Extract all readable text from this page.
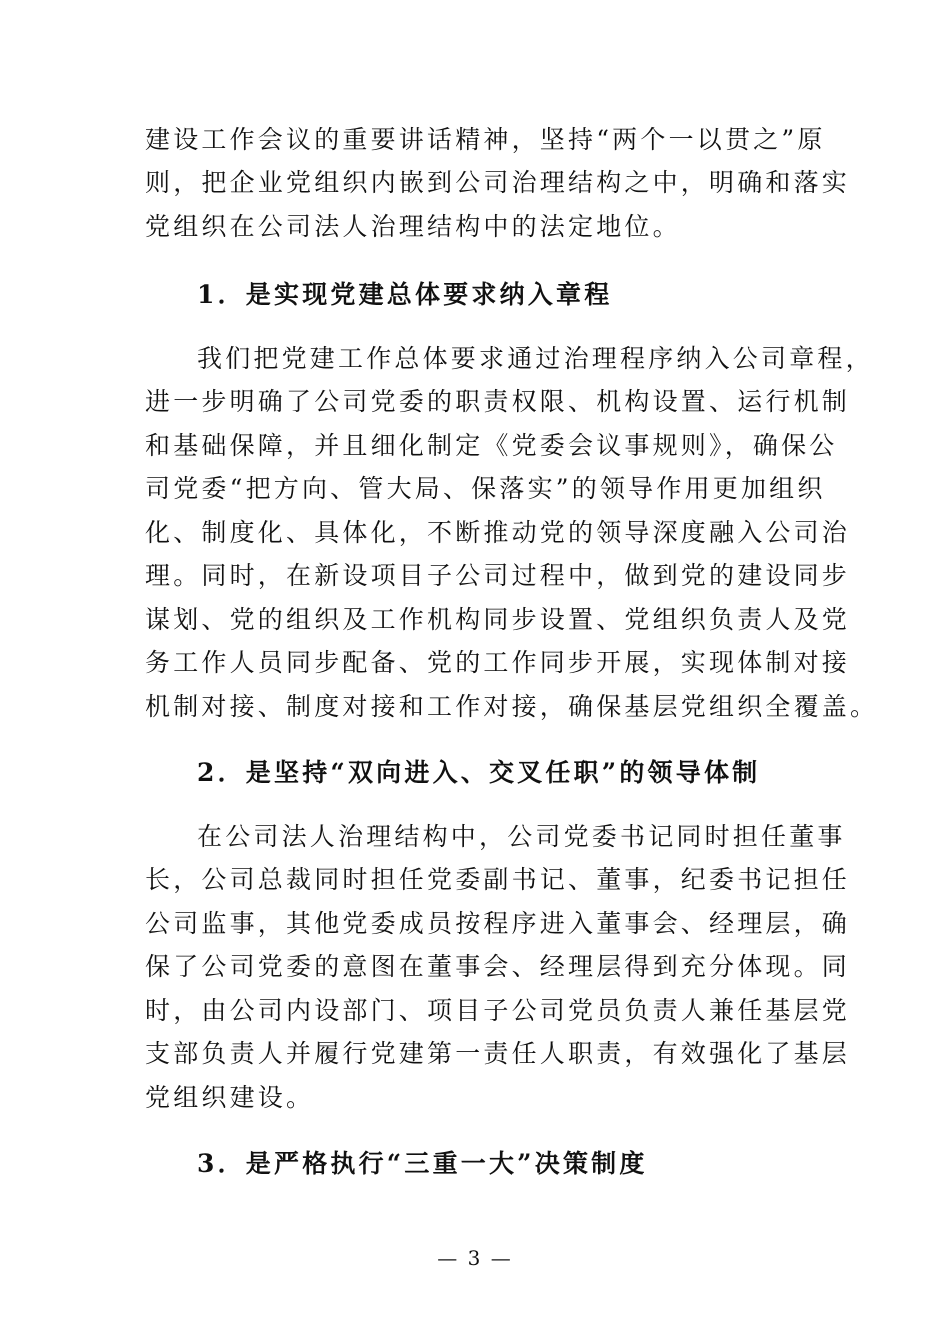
建设工作会议的重要讲话精神，坚持“两个一以贯之”原
则，把企业党组织内嵌到公司治理结构之中，明确和落实
党组织在公司法人治理结构中的法定地位。
1．是实现党建总体要求纳入章程
我们把党建工作总体要求通过治理程序纳入公司章程，
进一步明确了公司党委的职责权限、机构设置、运行机制
和基础保障，并且细化制定《党委会议事规则》，确保公
司党委“把方向、管大局、保落实”的领导作用更加组织
化、制度化、具体化，不断推动党的领导深度融入公司治
理。同时，在新设项目子公司过程中，做到党的建设同步
谋划、党的组织及工作机构同步设置、党组织负责人及党
务工作人员同步配备、党的工作同步开展，实现体制对接
机制对接、制度对接和工作对接，确保基层党组织全覆盖。
2．是坚持“双向进入、交叉任职”的领导体制
在公司法人治理结构中，公司党委书记同时担任董事
长，公司总裁同时担任党委副书记、董事，纪委书记担任
公司监事，其他党委成员按程序进入董事会、经理层，确
保了公司党委的意图在董事会、经理层得到充分体现。同
时，由公司内设部门、项目子公司党员负责人兼任基层党
支部负责人并履行党建第一责任人职责，有效强化了基层
党组织建设。
3．是严格执行“三重一大”决策制度
— 3 —
